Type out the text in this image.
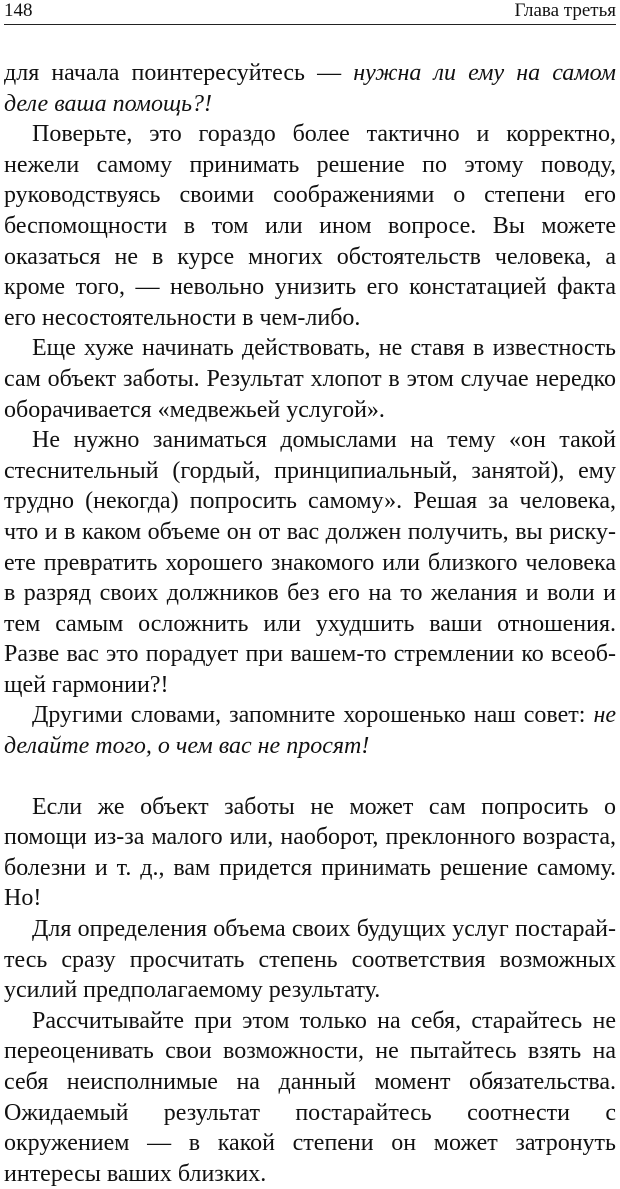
148	Глава третья

для начала поинтересуйтесь — нужна ли ему на самом деле ваша помощь?!

Поверьте, это гораздо более тактично и корректно, нежели самому принимать решение по этому поводу, руководствуясь своими соображениями о степени его беспомощности в том или ином вопросе. Вы можете оказаться не в курсе многих обстоятельств человека, а кроме того, — невольно унизить его констатацией факта его несостоятельности в чем-либо.

Еще хуже начинать действовать, не ставя в известность сам объект заботы. Результат хлопот в этом случае нередко оборачивается «медвежьей услугой».

Не нужно заниматься домыслами на тему «он такой стеснительный (гордый, принципиальный, занятой), ему трудно (некогда) попросить самому». Решая за человека, что и в каком объеме он от вас должен получить, вы рискуете превратить хорошего знакомого или близкого человека в разряд своих должников без его на то желания и воли и тем самым осложнить или ухудшить ваши отношения. Разве вас это порадует при вашем-то стремлении ко всеобщей гармонии?!

Другими словами, запомните хорошенько наш совет: не делайте того, о чем вас не просят!

Если же объект заботы не может сам попросить о помощи из-за малого или, наоборот, преклонного возраста, болезни и т. д., вам придется принимать решение самому. Но!

Для определения объема своих будущих услуг постарайтесь сразу просчитать степень соответствия возможных усилий предполагаемому результату.

Рассчитывайте при этом только на себя, старайтесь не переоценивать свои возможности, не пытайтесь взять на себя неисполнимые на данный момент обязательства. Ожидаемый результат постарайтесь соотнести с окружением — в какой степени он может затронуть интересы ваших близких.
